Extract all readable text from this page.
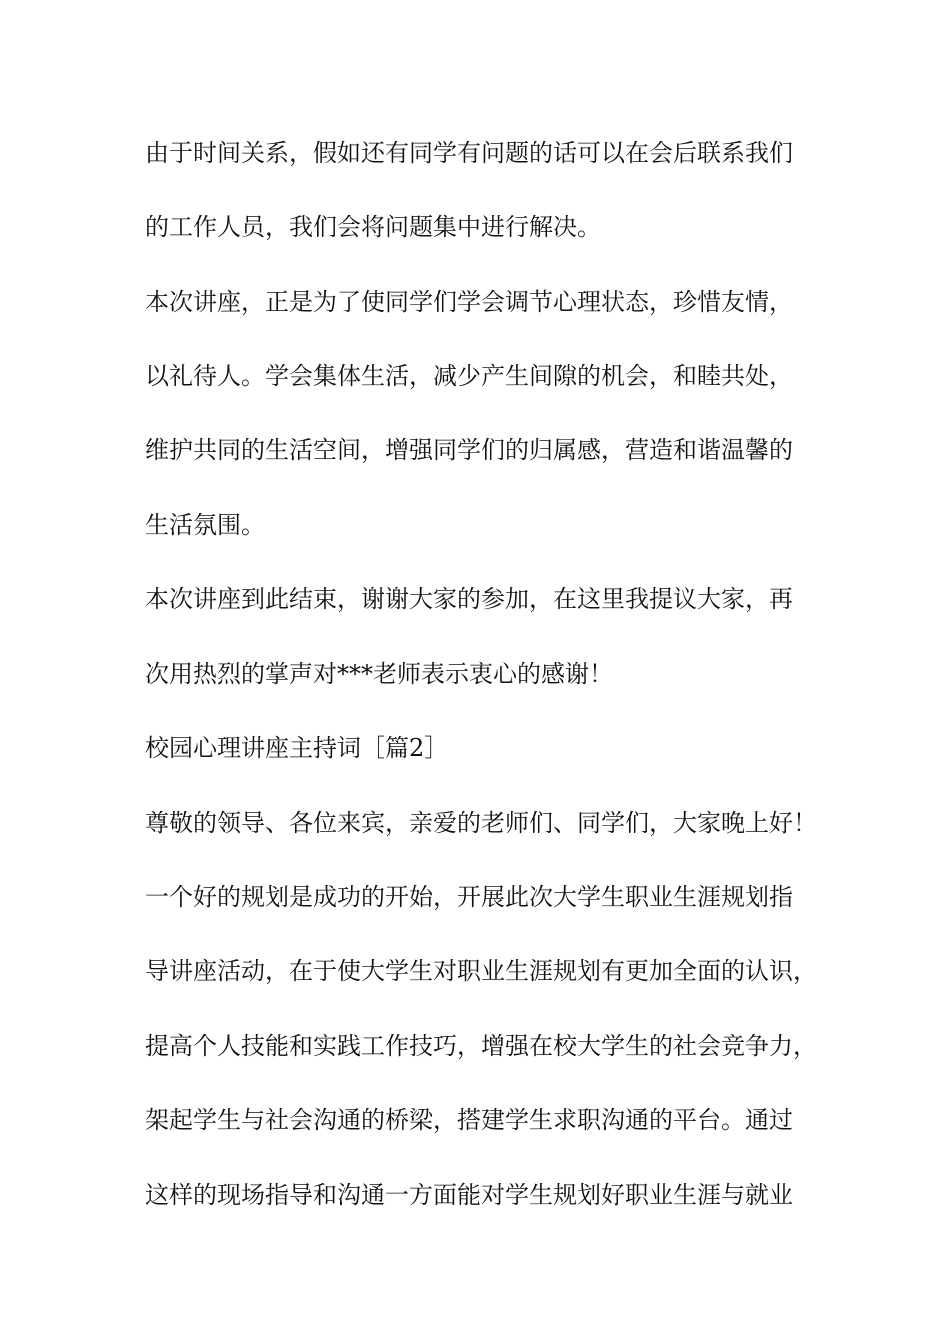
由于时间关系，假如还有同学有问题的话可以在会后联系我们
的工作人员，我们会将问题集中进行解决。
本次讲座，正是为了使同学们学会调节心理状态，珍惜友情，
以礼待人。学会集体生活，减少产生间隙的机会，和睦共处，
维护共同的生活空间，增强同学们的归属感，营造和谐温馨的
生活氛围。
本次讲座到此结束，谢谢大家的参加，在这里我提议大家，再
次用热烈的掌声对***老师表示衷心的感谢！
校园心理讲座主持词［篇2］
尊敬的领导、各位来宾，亲爱的老师们、同学们，大家晚上好！
一个好的规划是成功的开始，开展此次大学生职业生涯规划指
导讲座活动，在于使大学生对职业生涯规划有更加全面的认识，
提高个人技能和实践工作技巧，增强在校大学生的社会竞争力，
架起学生与社会沟通的桥梁，搭建学生求职沟通的平台。通过
这样的现场指导和沟通一方面能对学生规划好职业生涯与就业
